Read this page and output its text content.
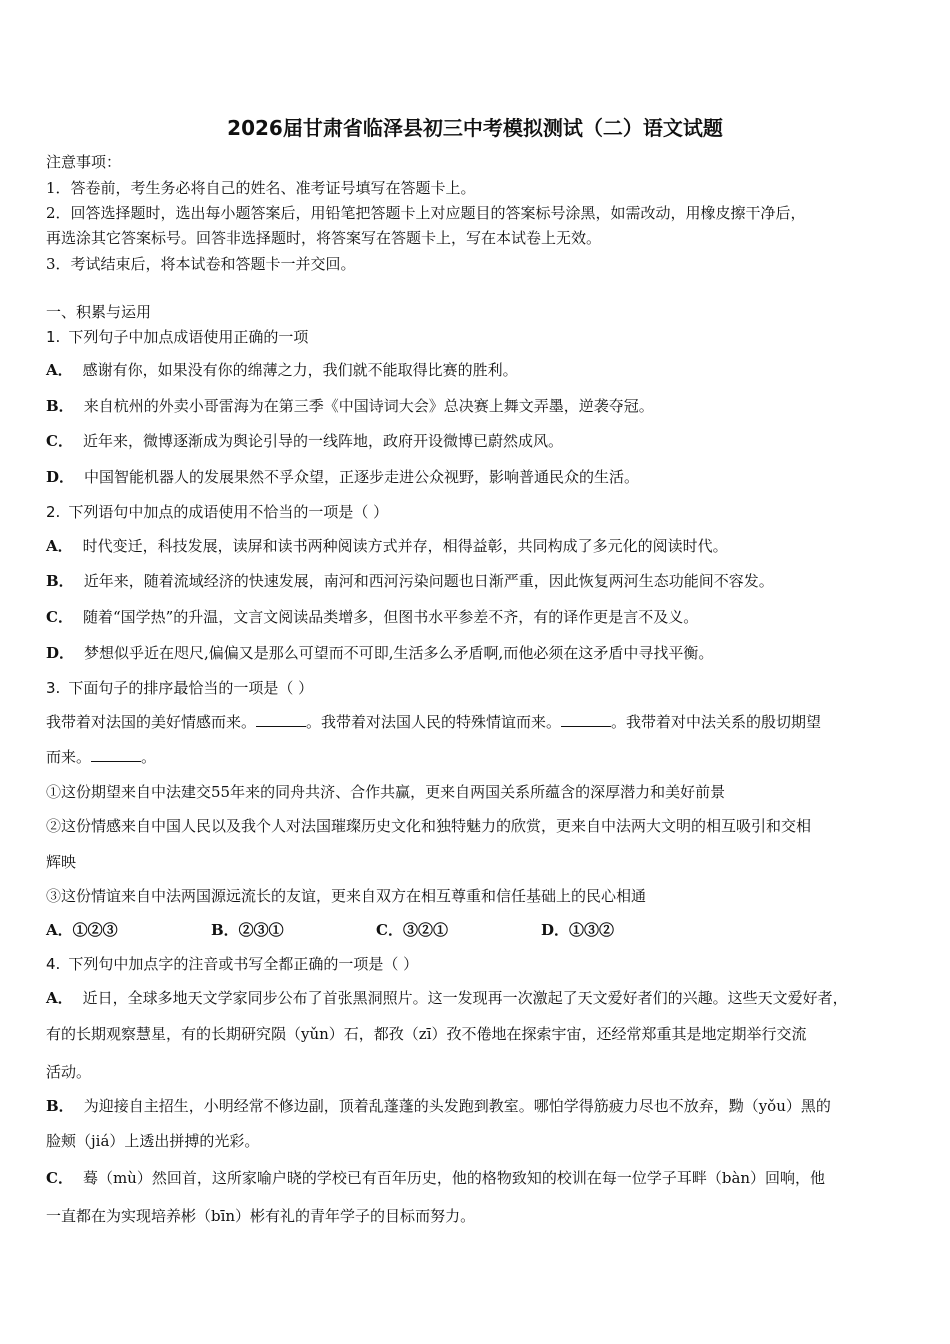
2026届甘肃省临泽县初三中考模拟测试（二）语文试题
注意事项：
1．答卷前，考生务必将自己的姓名、准考证号填写在答题卡上。
2．回答选择题时，选出每小题答案后，用铅笔把答题卡上对应题目的答案标号涂黑，如需改动，用橡皮擦干净后，
再选涂其它答案标号。回答非选择题时，将答案写在答题卡上，写在本试卷上无效。
3．考试结束后，将本试卷和答题卡一并交回。
一、积累与运用
1. 下列句子中加点成语使用正确的一项
A． 感谢有你，如果没有你的绵薄之力，我们就不能取得比赛的胜利。
B． 来自杭州的外卖小哥雷海为在第三季《中国诗词大会》总决赛上舞文弄墨，逆袭夺冠。
C． 近年来，微博逐渐成为舆论引导的一线阵地，政府开设微博已蔚然成风。
D． 中国智能机器人的发展果然不孚众望，正逐步走进公众视野，影响普通民众的生活。
2. 下列语句中加点的成语使用不恰当的一项是（ ）
A． 时代变迁，科技发展，读屏和读书两种阅读方式并存，相得益彰，共同构成了多元化的阅读时代。
B． 近年来，随着流域经济的快速发展，南河和西河污染问题也日渐严重，因此恢复两河生态功能间不容发。
C． 随着“国学热”的升温，文言文阅读品类增多，但图书水平参差不齐，有的译作更是言不及义。
D． 梦想似乎近在咫尺,偏偏又是那么可望而不可即,生活多么矛盾啊,而他必须在这矛盾中寻找平衡。
3. 下面句子的排序最恰当的一项是（ ）
我带着对法国的美好情感而来。	。我带着对法国人民的特殊情谊而来。	。我带着对中法关系的殷切期望
而来。	。
①这份期望来自中法建交55年来的同舟共济、合作共赢，更来自两国关系所蕴含的深厚潜力和美好前景
②这份情感来自中国人民以及我个人对法国璀璨历史文化和独特魅力的欣赏，更来自中法两大文明的相互吸引和交相
辉映
③这份情谊来自中法两国源远流长的友谊，更来自双方在相互尊重和信任基础上的民心相通
A．①②③	B．②③①	C．③②①	D．①③②
4. 下列句中加点字的注音或书写全都正确的一项是（ ）
A． 近日，全球多地天文学家同步公布了首张黑洞照片。这一发现再一次激起了天文爱好者们的兴趣。这些天文爱好者，
有的长期观察慧星，有的长期研究陨（yǔn）石，都孜（zī）孜不倦地在探索宇宙，还经常郑重其是地定期举行交流
活动。
B． 为迎接自主招生，小明经常不修边副，顶着乱蓬蓬的头发跑到教室。哪怕学得筋疲力尽也不放弃，黝（yǒu）黑的
脸颊（jiá）上透出拼搏的光彩。
C． 蓦（mù）然回首，这所家喻户晓的学校已有百年历史，他的格物致知的校训在每一位学子耳畔（bàn）回响，他
一直都在为实现培养彬（bīn）彬有礼的青年学子的目标而努力。
